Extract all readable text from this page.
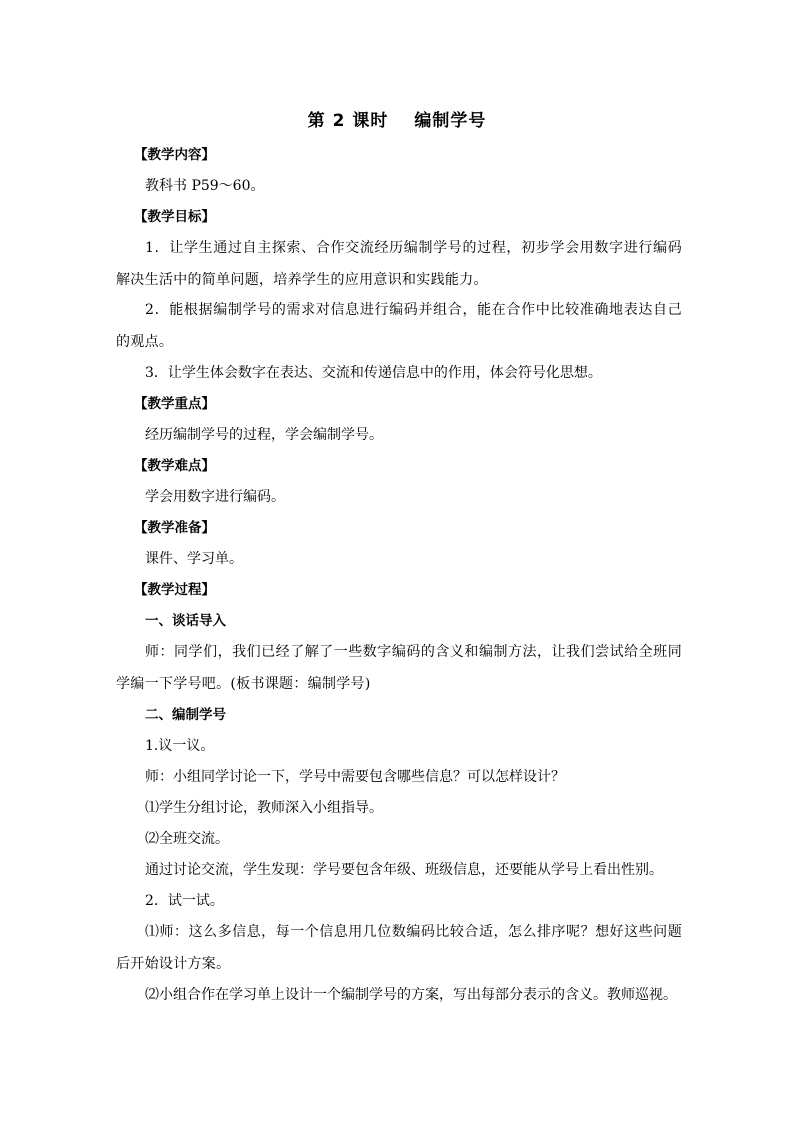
第 2 课时 编制学号
【教学内容】
教科书 P59～60。
【教学目标】
1．让学生通过自主探索、合作交流经历编制学号的过程，初步学会用数字进行编码解决生活中的简单问题，培养学生的应用意识和实践能力。
2．能根据编制学号的需求对信息进行编码并组合，能在合作中比较准确地表达自己的观点。
3．让学生体会数字在表达、交流和传递信息中的作用，体会符号化思想。
【教学重点】
经历编制学号的过程，学会编制学号。
【教学难点】
学会用数字进行编码。
【教学准备】
课件、学习单。
【教学过程】
一、谈话导入
师：同学们，我们已经了解了一些数字编码的含义和编制方法，让我们尝试给全班同学编一下学号吧。(板书课题：编制学号)
二、编制学号
1.议一议。
师：小组同学讨论一下，学号中需要包含哪些信息？可以怎样设计？
⑴学生分组讨论，教师深入小组指导。
⑵全班交流。
通过讨论交流，学生发现：学号要包含年级、班级信息，还要能从学号上看出性别。
2．试一试。
⑴师：这么多信息，每一个信息用几位数编码比较合适，怎么排序呢？想好这些问题后开始设计方案。
⑵小组合作在学习单上设计一个编制学号的方案，写出每部分表示的含义。教师巡视。
